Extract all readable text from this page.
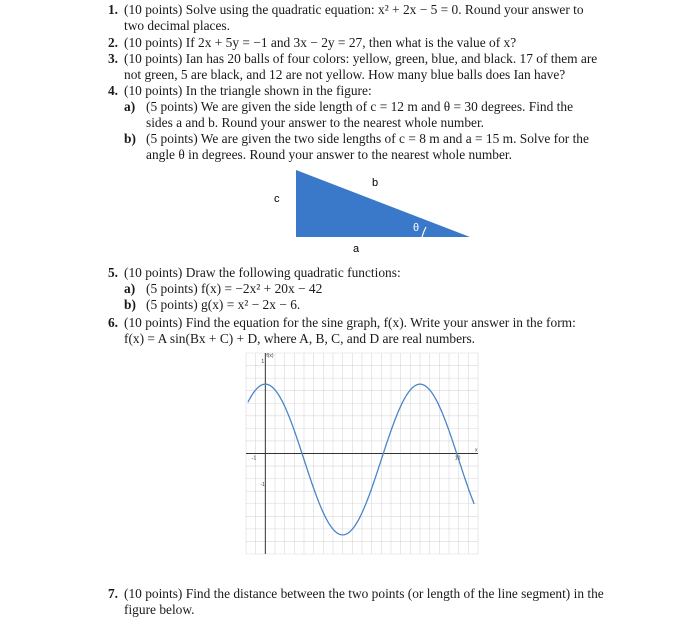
1. (10 points) Solve using the quadratic equation: x² + 2x − 5 = 0. Round your answer to
two decimal places.
2. (10 points) If 2x + 5y = −1 and 3x − 2y = 27, then what is the value of x?
3. (10 points) Ian has 20 balls of four colors: yellow, green, blue, and black. 17 of them are
not green, 5 are black, and 12 are not yellow. How many blue balls does Ian have?
4. (10 points) In the triangle shown in the figure:
a) (5 points) We are given the side length of c = 12 m and θ = 30 degrees. Find the
sides a and b. Round your answer to the nearest whole number.
b) (5 points) We are given the two side lengths of c = 8 m and a = 15 m. Solve for the
angle θ in degrees. Round your answer to the nearest whole number.
c
b
a
θ
5. (10 points) Draw the following quadratic functions:
a) (5 points) f(x) = −2x² + 20x − 42
b) (5 points) g(x) = x² − 2x − 6.
6. (10 points) Find the equation for the sine graph, f(x). Write your answer in the form:
f(x) = A sin(Bx + C) + D, where A, B, C, and D are real numbers.
f(x)
1
-1
-1	10
x
7. (10 points) Find the distance between the two points (or length of the line segment) in the
figure below.
